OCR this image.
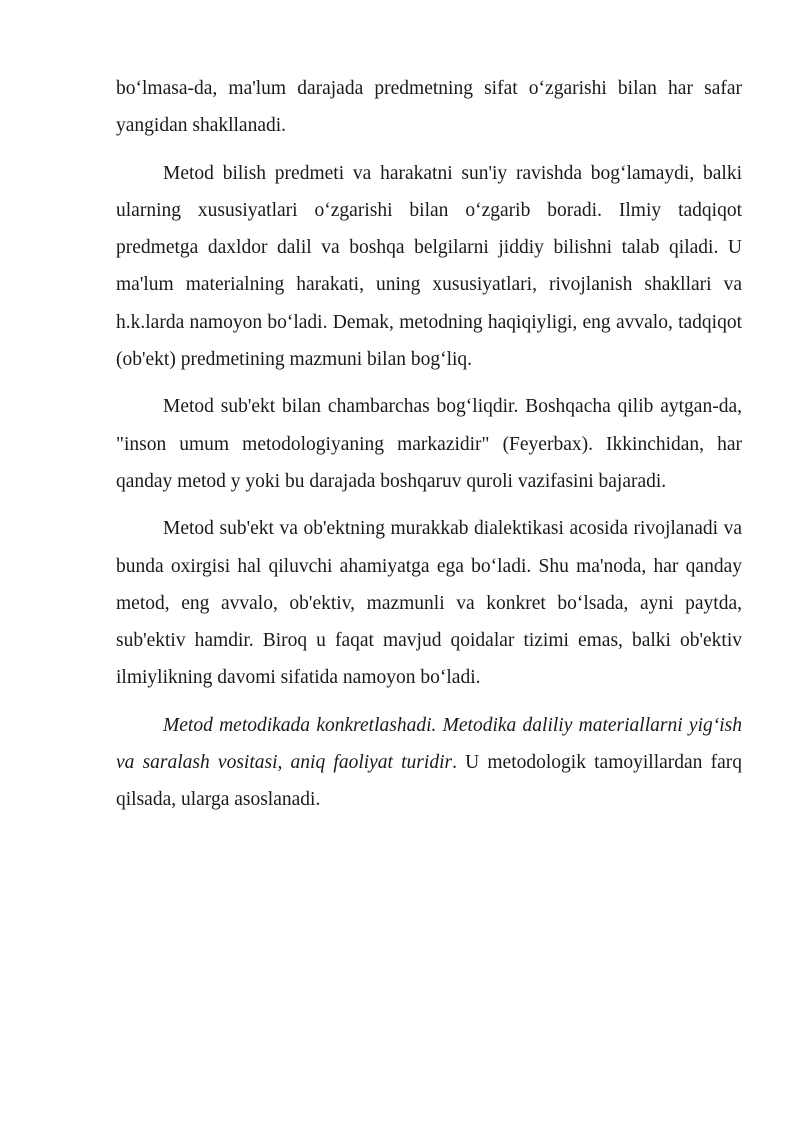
bo‘lmasa-da, ma'lum darajada predmetning sifat o‘zgarishi bilan har safar yangidan shakllanadi.

Metod bilish predmeti va harakatni sun'iy ravishda bog‘lamaydi, balki ularning xususiyatlari o‘zgarishi bilan o‘zgarib boradi. Ilmiy tadqiqot predmetga daxldor dalil va boshqa belgilarni jiddiy bilishni talab qiladi. U ma'lum materialning harakati, uning xususiyatlari, rivojlanish shakllari va h.k.larda namoyon bo‘ladi. Demak, metodning haqiqiyligi, eng avvalo, tadqiqot (ob'ekt) predmetining mazmuni bilan bog‘liq.

Metod sub'ekt bilan chambarchas bog‘liqdir. Boshqacha qilib aytgan-da, "inson umum metodologiyaning markazidir" (Feyerbax). Ikkinchidan, har qanday metod y yoki bu darajada boshqaruv quroli vazifasini bajaradi.

Metod sub'ekt va ob'ektning murakkab dialektikasi acosida rivojlanadi va bunda oxirgisi hal qiluvchi ahamiyatga ega bo‘ladi. Shu ma'noda, har qanday metod, eng avvalo, ob'ektiv, mazmunli va konkret bo‘lsada, ayni paytda, sub'ektiv hamdir. Biroq u faqat mavjud qoidalar tizimi emas, balki ob'ektiv ilmiylikning davomi sifatida namoyon bo‘ladi.

Metod metodikada konkretlashadi. Metodika daliliy materiallarni yig‘ish va saralash vositasi, aniq faoliyat turidir. U metodologik tamoyillardan farq qilsada, ularga asoslanadi.
